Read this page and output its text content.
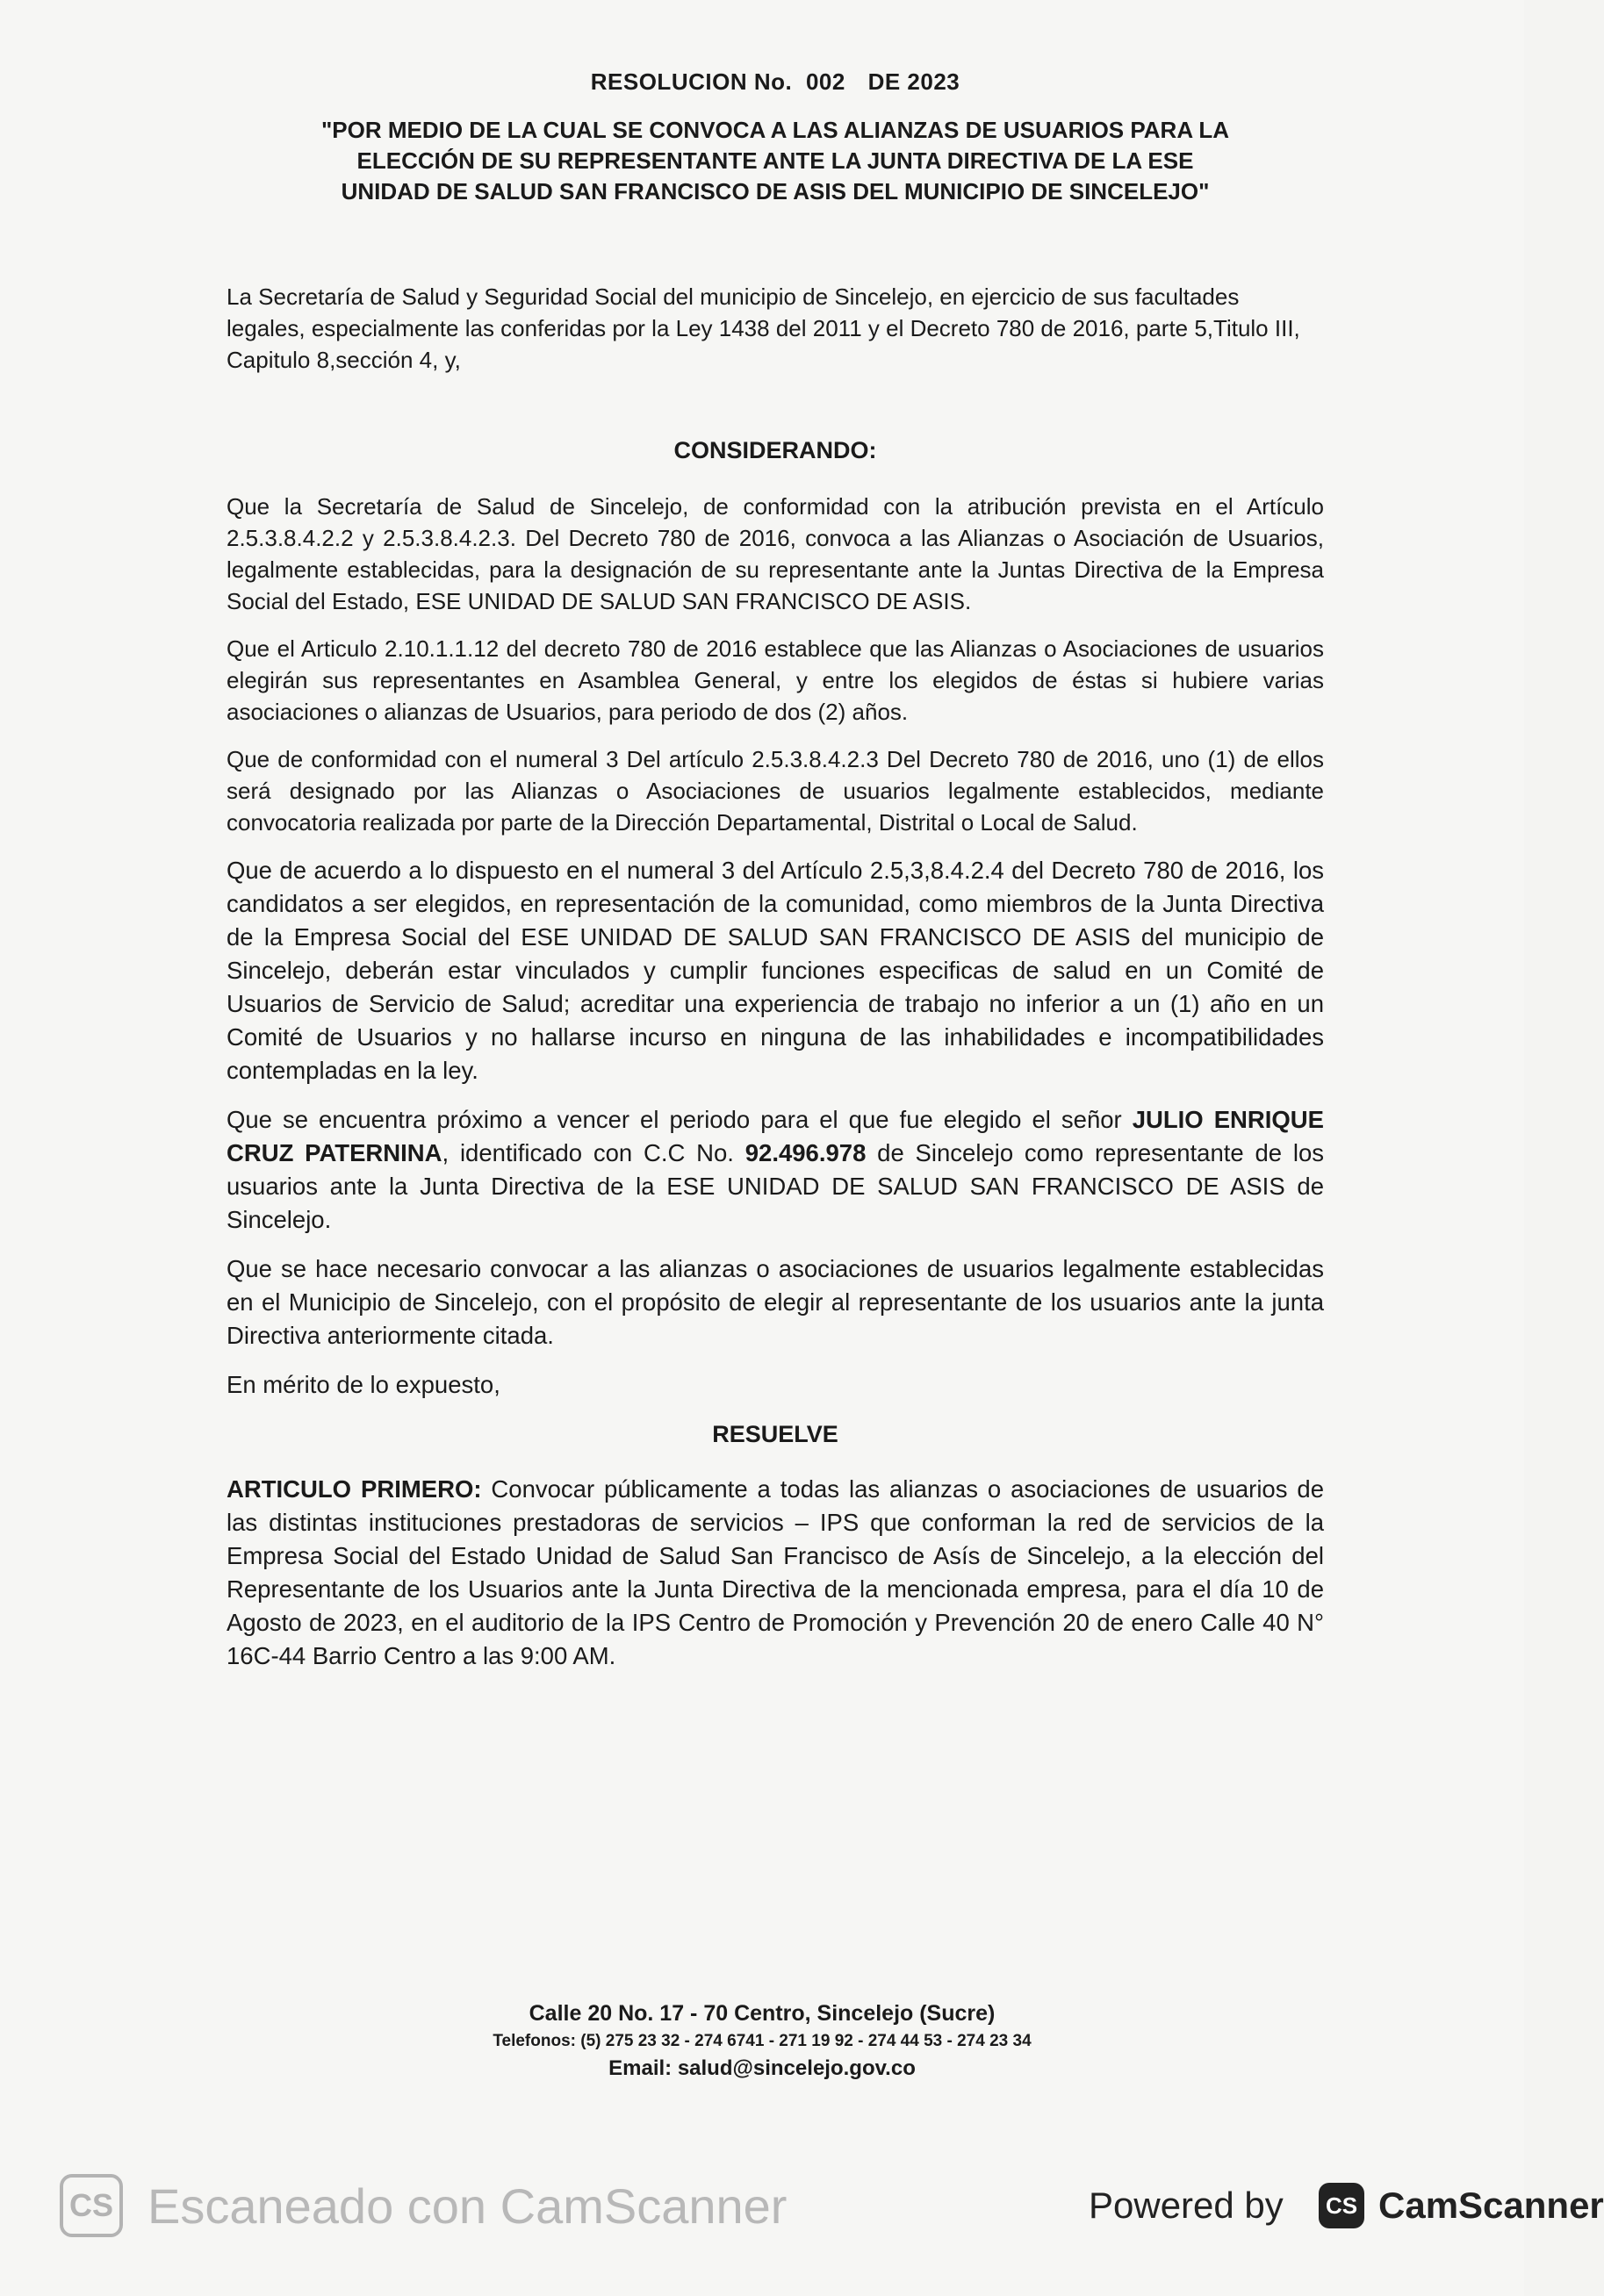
RESOLUCION No. 002 DE 2023
"POR MEDIO DE LA CUAL SE CONVOCA A LAS ALIANZAS DE USUARIOS PARA LA
ELECCIÓN DE SU REPRESENTANTE ANTE LA JUNTA DIRECTIVA DE LA ESE
UNIDAD DE SALUD SAN FRANCISCO DE ASIS DEL MUNICIPIO DE SINCELEJO"

La Secretaría de Salud y Seguridad Social del municipio de Sincelejo, en ejercicio de sus facultades legales, especialmente las conferidas por la Ley 1438 del 2011 y el Decreto 780 de 2016, parte 5,Titulo III, Capitulo 8,sección 4, y,

CONSIDERANDO:

Que la Secretaría de Salud de Sincelejo, de conformidad con la atribución prevista en el Artículo 2.5.3.8.4.2.2 y 2.5.3.8.4.2.3. Del Decreto 780 de 2016, convoca a las Alianzas o Asociación de Usuarios, legalmente establecidas, para la designación de su representante ante la Juntas Directiva de la Empresa Social del Estado, ESE UNIDAD DE SALUD SAN FRANCISCO DE ASIS.

Que el Articulo 2.10.1.1.12 del decreto 780 de 2016 establece que las Alianzas o Asociaciones de usuarios elegirán sus representantes en Asamblea General, y entre los elegidos de éstas si hubiere varias asociaciones o alianzas de Usuarios, para periodo de dos (2) años.

Que de conformidad con el numeral 3 Del artículo 2.5.3.8.4.2.3 Del Decreto 780 de 2016, uno (1) de ellos será designado por las Alianzas o Asociaciones de usuarios legalmente establecidos, mediante convocatoria realizada por parte de la Dirección Departamental, Distrital o Local de Salud.

Que de acuerdo a lo dispuesto en el numeral 3 del Artículo 2.5,3,8.4.2.4 del Decreto 780 de 2016, los candidatos a ser elegidos, en representación de la comunidad, como miembros de la Junta Directiva de la Empresa Social del ESE UNIDAD DE SALUD SAN FRANCISCO DE ASIS del municipio de Sincelejo, deberán estar vinculados y cumplir funciones especificas de salud en un Comité de Usuarios de Servicio de Salud; acreditar una experiencia de trabajo no inferior a un (1) año en un Comité de Usuarios y no hallarse incurso en ninguna de las inhabilidades e incompatibilidades contempladas en la ley.

Que se encuentra próximo a vencer el periodo para el que fue elegido el señor JULIO ENRIQUE CRUZ PATERNINA, identificado con C.C No. 92.496.978 de Sincelejo como representante de los usuarios ante la Junta Directiva de la ESE UNIDAD DE SALUD SAN FRANCISCO DE ASIS de Sincelejo.

Que se hace necesario convocar a las alianzas o asociaciones de usuarios legalmente establecidas en el Municipio de Sincelejo, con el propósito de elegir al representante de los usuarios ante la junta Directiva anteriormente citada.

En mérito de lo expuesto,

RESUELVE

ARTICULO PRIMERO: Convocar públicamente a todas las alianzas o asociaciones de usuarios de las distintas instituciones prestadoras de servicios – IPS que conforman la red de servicios de la Empresa Social del Estado Unidad de Salud San Francisco de Asís de Sincelejo, a la elección del Representante de los Usuarios ante la Junta Directiva de la mencionada empresa, para el día 10 de Agosto de 2023, en el auditorio de la IPS Centro de Promoción y Prevención 20 de enero Calle 40 N° 16C-44 Barrio Centro a las 9:00 AM.

Calle 20 No. 17 - 70 Centro, Sincelejo (Sucre)
Telefonos: (5) 275 23 32 - 274 6741 - 271 19 92 - 274 44 53 - 274 23 34
Email: salud@sincelejo.gov.co
CS Escaneado con CamScanner	Powered by	CS CamScanner
